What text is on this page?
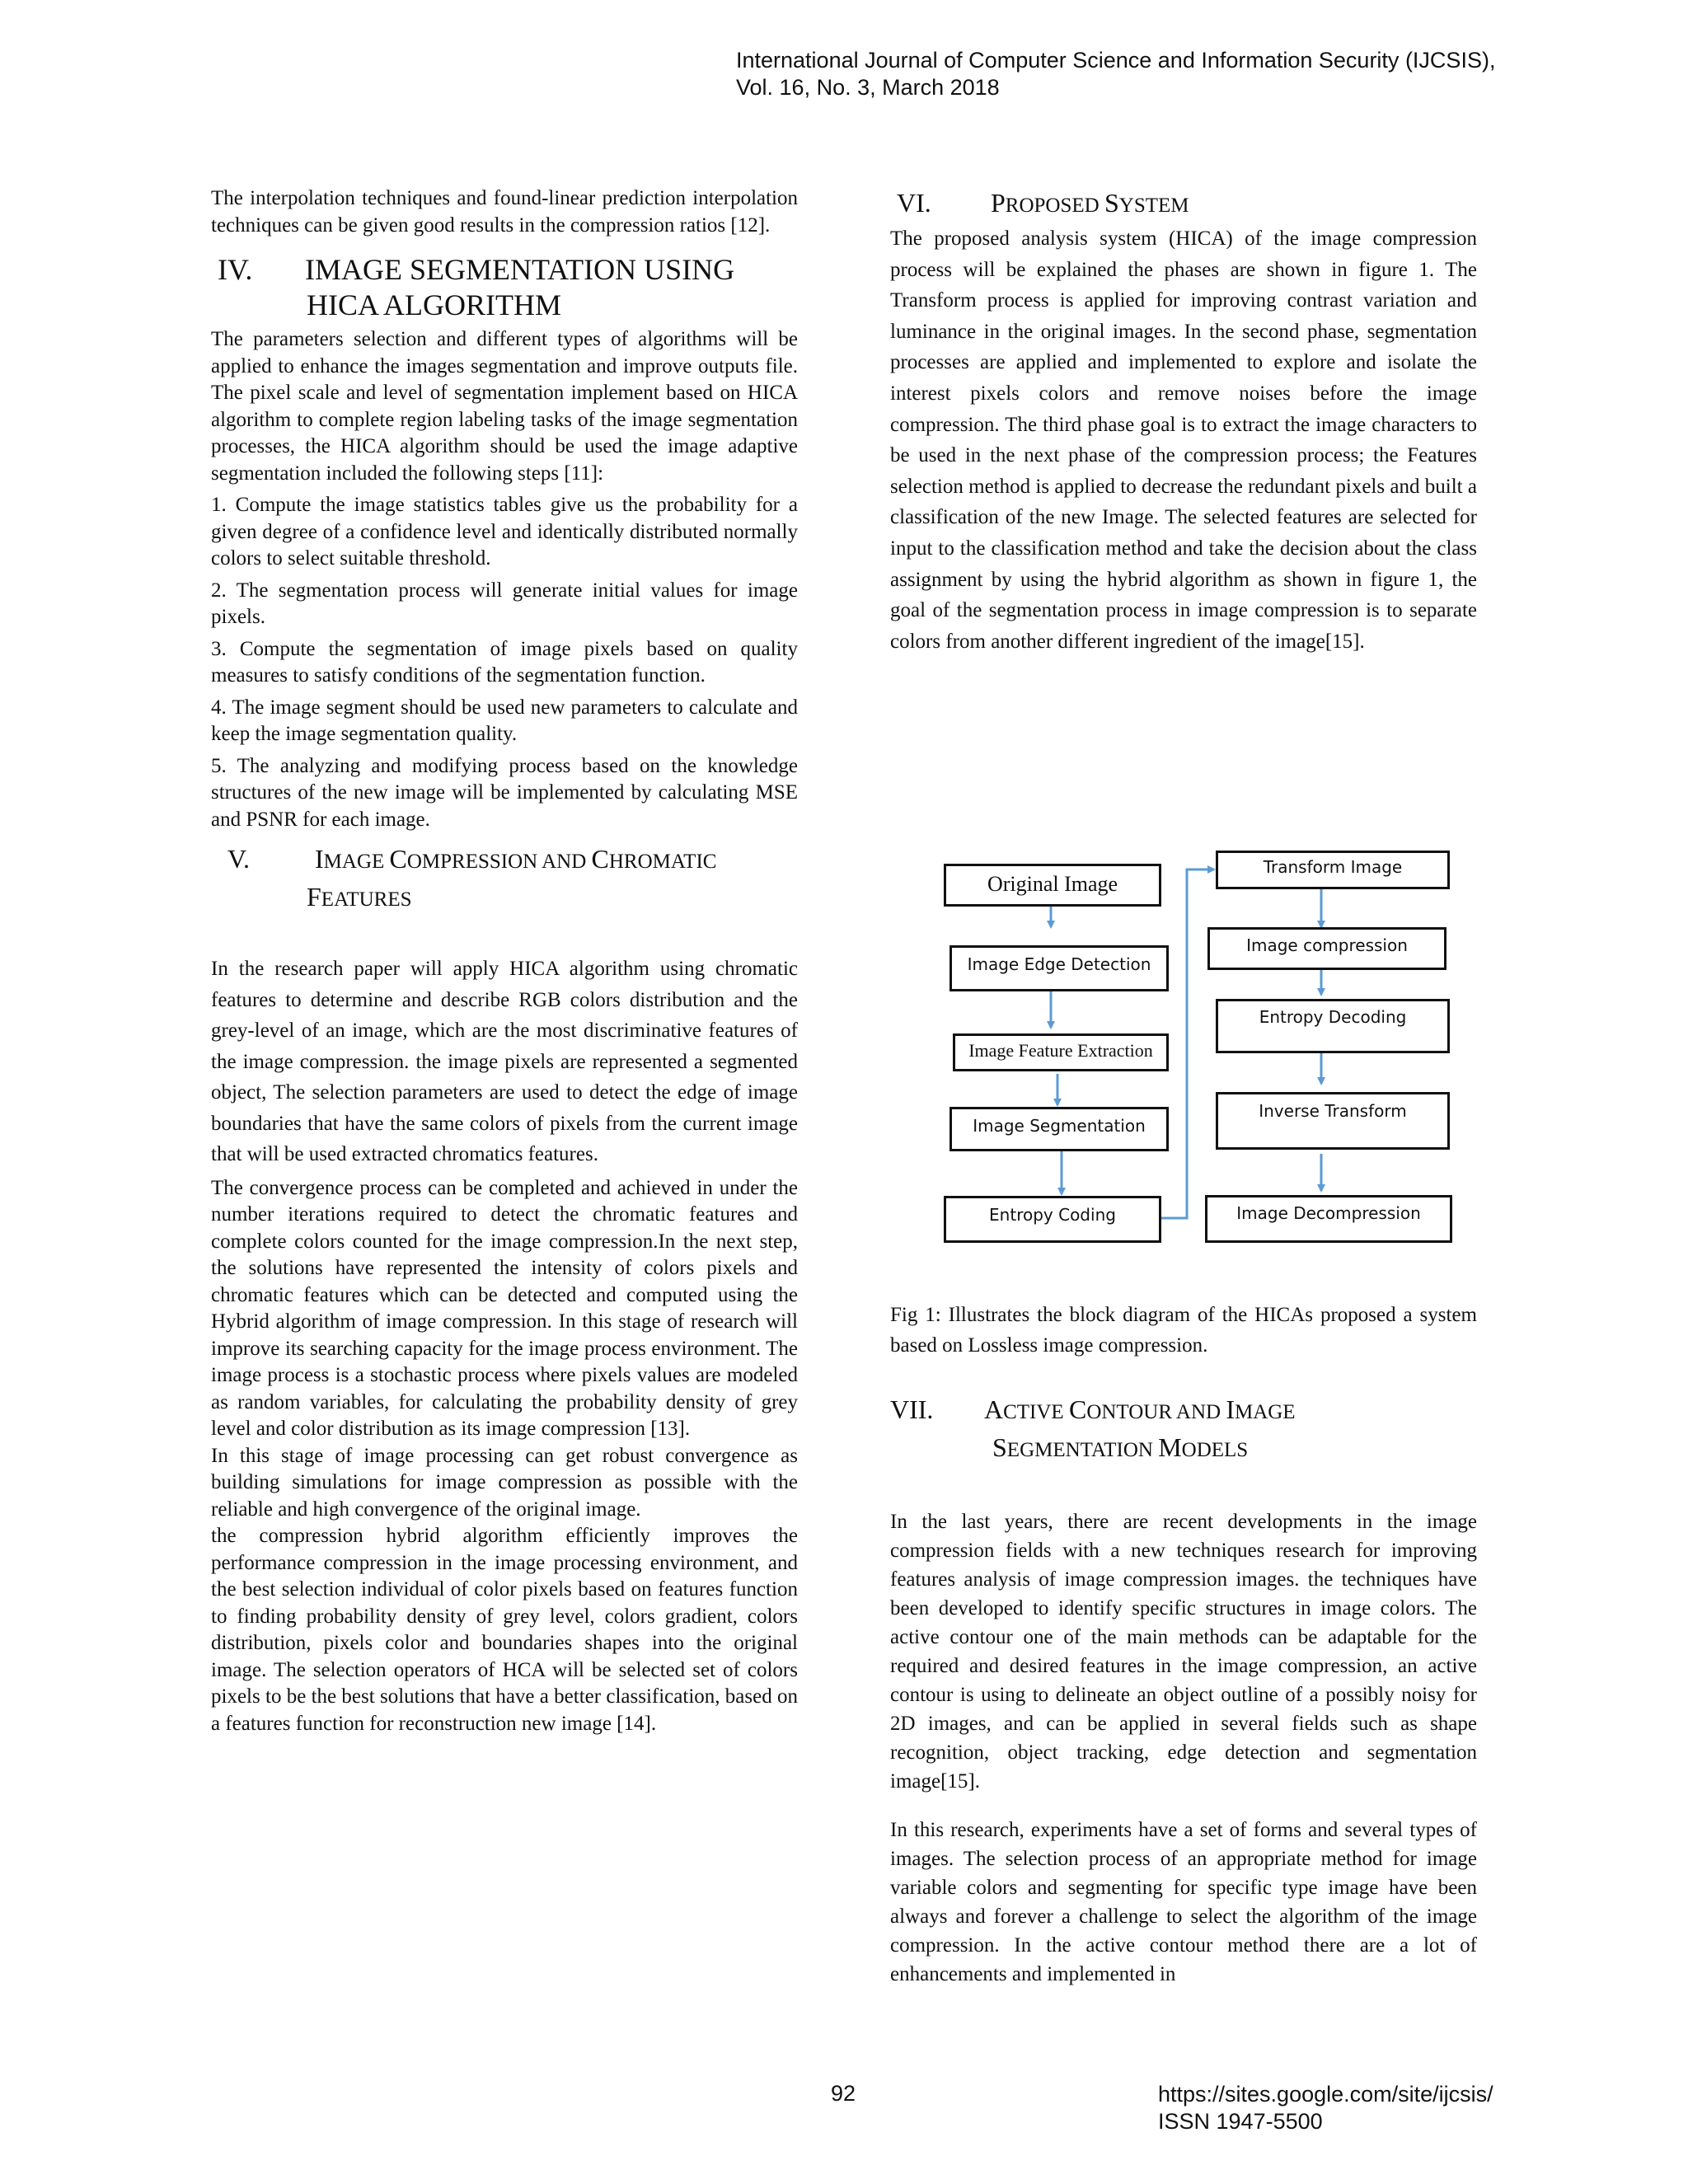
International Journal of Computer Science and Information Security (IJCSIS),
Vol. 16, No. 3, March 2018

The interpolation techniques and found-linear prediction interpolation techniques can be given good results in the compression ratios [12].

IV.	IMAGE SEGMENTATION USING
HICA ALGORITHM

The parameters selection and different types of algorithms will be applied to enhance the images segmentation and improve outputs file. The pixel scale and level of segmentation implement based on HICA algorithm to complete region labeling tasks of the image segmentation processes, the HICA algorithm should be used the image adaptive segmentation included the following steps [11]:

1. Compute the image statistics tables give us the probability for a given degree of a confidence level and identically distributed normally colors to select suitable threshold.

2. The segmentation process will generate initial values for image pixels.

3. Compute the segmentation of image pixels based on quality measures to satisfy conditions of the segmentation function.

4. The image segment should be used new parameters to calculate and keep the image segmentation quality.

5. The analyzing and modifying process based on the knowledge structures of the new image will be implemented by calculating MSE and PSNR for each image.

V.	IMAGE COMPRESSION AND CHROMATIC
FEATURES

In the research paper will apply HICA algorithm using chromatic features to determine and describe RGB colors distribution and the grey-level of an image, which are the most discriminative features of the image compression. the image pixels are represented a segmented object, The selection parameters are used to detect the edge of image boundaries that have the same colors of pixels from the current image that will be used extracted chromatics features.

The convergence process can be completed and achieved in under the number iterations required to detect the chromatic features and complete colors counted for the image compression.In the next step, the solutions have represented the intensity of colors pixels and chromatic features which can be detected and computed using the Hybrid algorithm of image compression. In this stage of research will improve its searching capacity for the image process environment. The image process is a stochastic process where pixels values are modeled as random variables, for calculating the probability density of grey level and color distribution as its image compression [13].

In this stage of image processing can get robust convergence as building simulations for image compression as possible with the reliable and high convergence of the original image.

the compression hybrid algorithm efficiently improves the performance compression in the image processing environment, and the best selection individual of color pixels based on features function to finding probability density of grey level, colors gradient, colors distribution, pixels color and boundaries shapes into the original image. The selection operators of HCA will be selected set of colors pixels to be the best solutions that have a better classification, based on a features function for reconstruction new image [14].

VI.	PROPOSED SYSTEM

The proposed analysis system (HICA) of the image compression process will be explained the phases are shown in figure 1. The Transform process is applied for improving contrast variation and luminance in the original images. In the second phase, segmentation processes are applied and implemented to explore and isolate the interest pixels colors and remove noises before the image compression. The third phase goal is to extract the image characters to be used in the next phase of the compression process; the Features selection method is applied to decrease the redundant pixels and built a classification of the new Image. The selected features are selected for input to the classification method and take the decision about the class assignment by using the hybrid algorithm as shown in figure 1, the goal of the segmentation process in image compression is to separate colors from another different ingredient of the image[15].

Original Image
Image Edge Detection
Image Feature Extraction
Image Segmentation
Entropy Coding
Transform Image
Image compression
Entropy Decoding
Inverse Transform
Image Decompression

Fig 1: Illustrates the block diagram of the HICAs proposed a system based on Lossless image compression.

VII.	ACTIVE CONTOUR AND IMAGE
SEGMENTATION MODELS

In the last years, there are recent developments in the image compression fields with a new techniques research for improving features analysis of image compression images. the techniques have been developed to identify specific structures in image colors. The active contour one of the main methods can be adaptable for the required and desired features in the image compression, an active contour is using to delineate an object outline of a possibly noisy for 2D images, and can be applied in several fields such as shape recognition, object tracking, edge detection and segmentation image[15].

In this research, experiments have a set of forms and several types of images. The selection process of an appropriate method for image variable colors and segmenting for specific type image have been always and forever a challenge to select the algorithm of the image compression. In the active contour method there are a lot of enhancements and implemented in

92	https://sites.google.com/site/ijcsis/
ISSN 1947-5500
